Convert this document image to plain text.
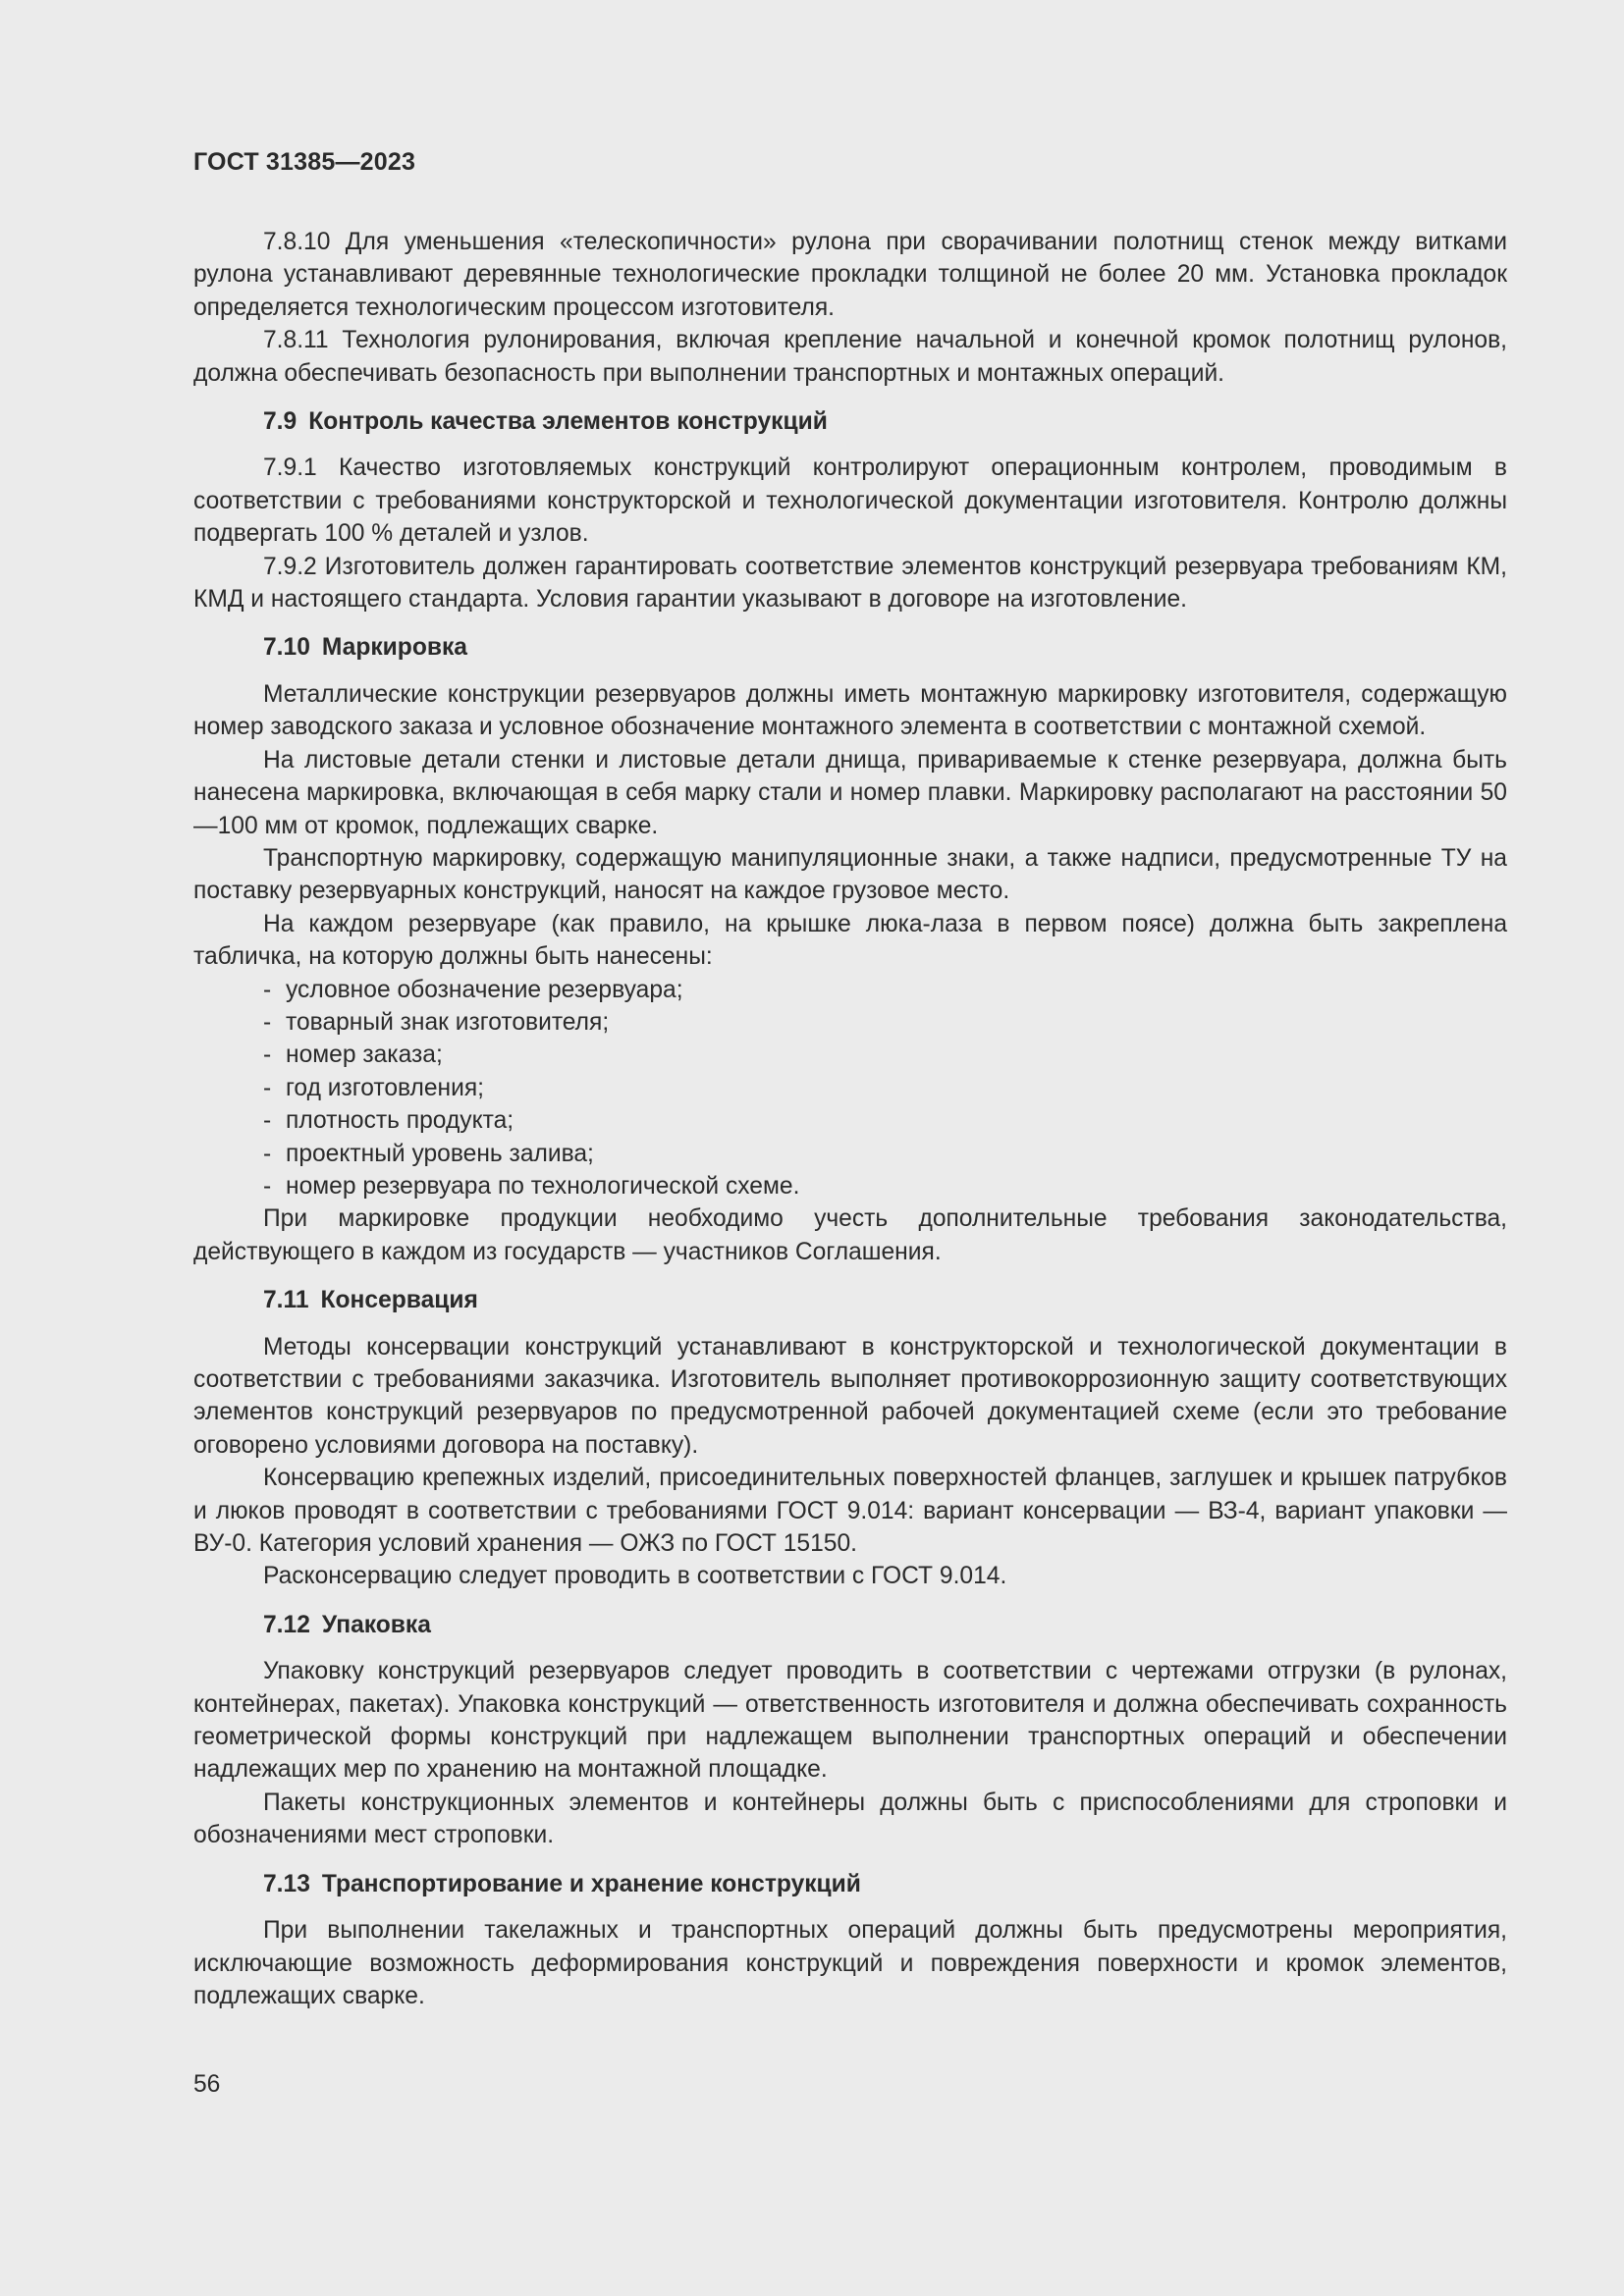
ГОСТ 31385—2023

7.8.10 Для уменьшения «телескопичности» рулона при сворачивании полотнищ стенок между витками рулона устанавливают деревянные технологические прокладки толщиной не более 20 мм. Установка прокладок определяется технологическим процессом изготовителя.

7.8.11 Технология рулонирования, включая крепление начальной и конечной кромок полотнищ рулонов, должна обеспечивать безопасность при выполнении транспортных и монтажных операций.

7.9 Контроль качества элементов конструкций

7.9.1 Качество изготовляемых конструкций контролируют операционным контролем, проводимым в соответствии с требованиями конструкторской и технологической документации изготовителя. Контролю должны подвергать 100 % деталей и узлов.

7.9.2 Изготовитель должен гарантировать соответствие элементов конструкций резервуара требованиям КМ, КМД и настоящего стандарта. Условия гарантии указывают в договоре на изготовление.

7.10 Маркировка

Металлические конструкции резервуаров должны иметь монтажную маркировку изготовителя, содержащую номер заводского заказа и условное обозначение монтажного элемента в соответствии с монтажной схемой.

На листовые детали стенки и листовые детали днища, привариваемые к стенке резервуара, должна быть нанесена маркировка, включающая в себя марку стали и номер плавки. Маркировку располагают на расстоянии 50—100 мм от кромок, подлежащих сварке.

Транспортную маркировку, содержащую манипуляционные знаки, а также надписи, предусмотренные ТУ на поставку резервуарных конструкций, наносят на каждое грузовое место.

На каждом резервуаре (как правило, на крышке люка-лаза в первом поясе) должна быть закреплена табличка, на которую должны быть нанесены:

- условное обозначение резервуара;
- товарный знак изготовителя;
- номер заказа;
- год изготовления;
- плотность продукта;
- проектный уровень залива;
- номер резервуара по технологической схеме.

При маркировке продукции необходимо учесть дополнительные требования законодательства, действующего в каждом из государств — участников Соглашения.

7.11 Консервация

Методы консервации конструкций устанавливают в конструкторской и технологической документации в соответствии с требованиями заказчика. Изготовитель выполняет противокоррозионную защиту соответствующих элементов конструкций резервуаров по предусмотренной рабочей документацией схеме (если это требование оговорено условиями договора на поставку).

Консервацию крепежных изделий, присоединительных поверхностей фланцев, заглушек и крышек патрубков и люков проводят в соответствии с требованиями ГОСТ 9.014: вариант консервации — ВЗ-4, вариант упаковки — ВУ-0. Категория условий хранения — ОЖЗ по ГОСТ 15150.

Расконсервацию следует проводить в соответствии с ГОСТ 9.014.

7.12 Упаковка

Упаковку конструкций резервуаров следует проводить в соответствии с чертежами отгрузки (в рулонах, контейнерах, пакетах). Упаковка конструкций — ответственность изготовителя и должна обеспечивать сохранность геометрической формы конструкций при надлежащем выполнении транспортных операций и обеспечении надлежащих мер по хранению на монтажной площадке.

Пакеты конструкционных элементов и контейнеры должны быть с приспособлениями для строповки и обозначениями мест строповки.

7.13 Транспортирование и хранение конструкций

При выполнении такелажных и транспортных операций должны быть предусмотрены мероприятия, исключающие возможность деформирования конструкций и повреждения поверхности и кромок элементов, подлежащих сварке.

56
